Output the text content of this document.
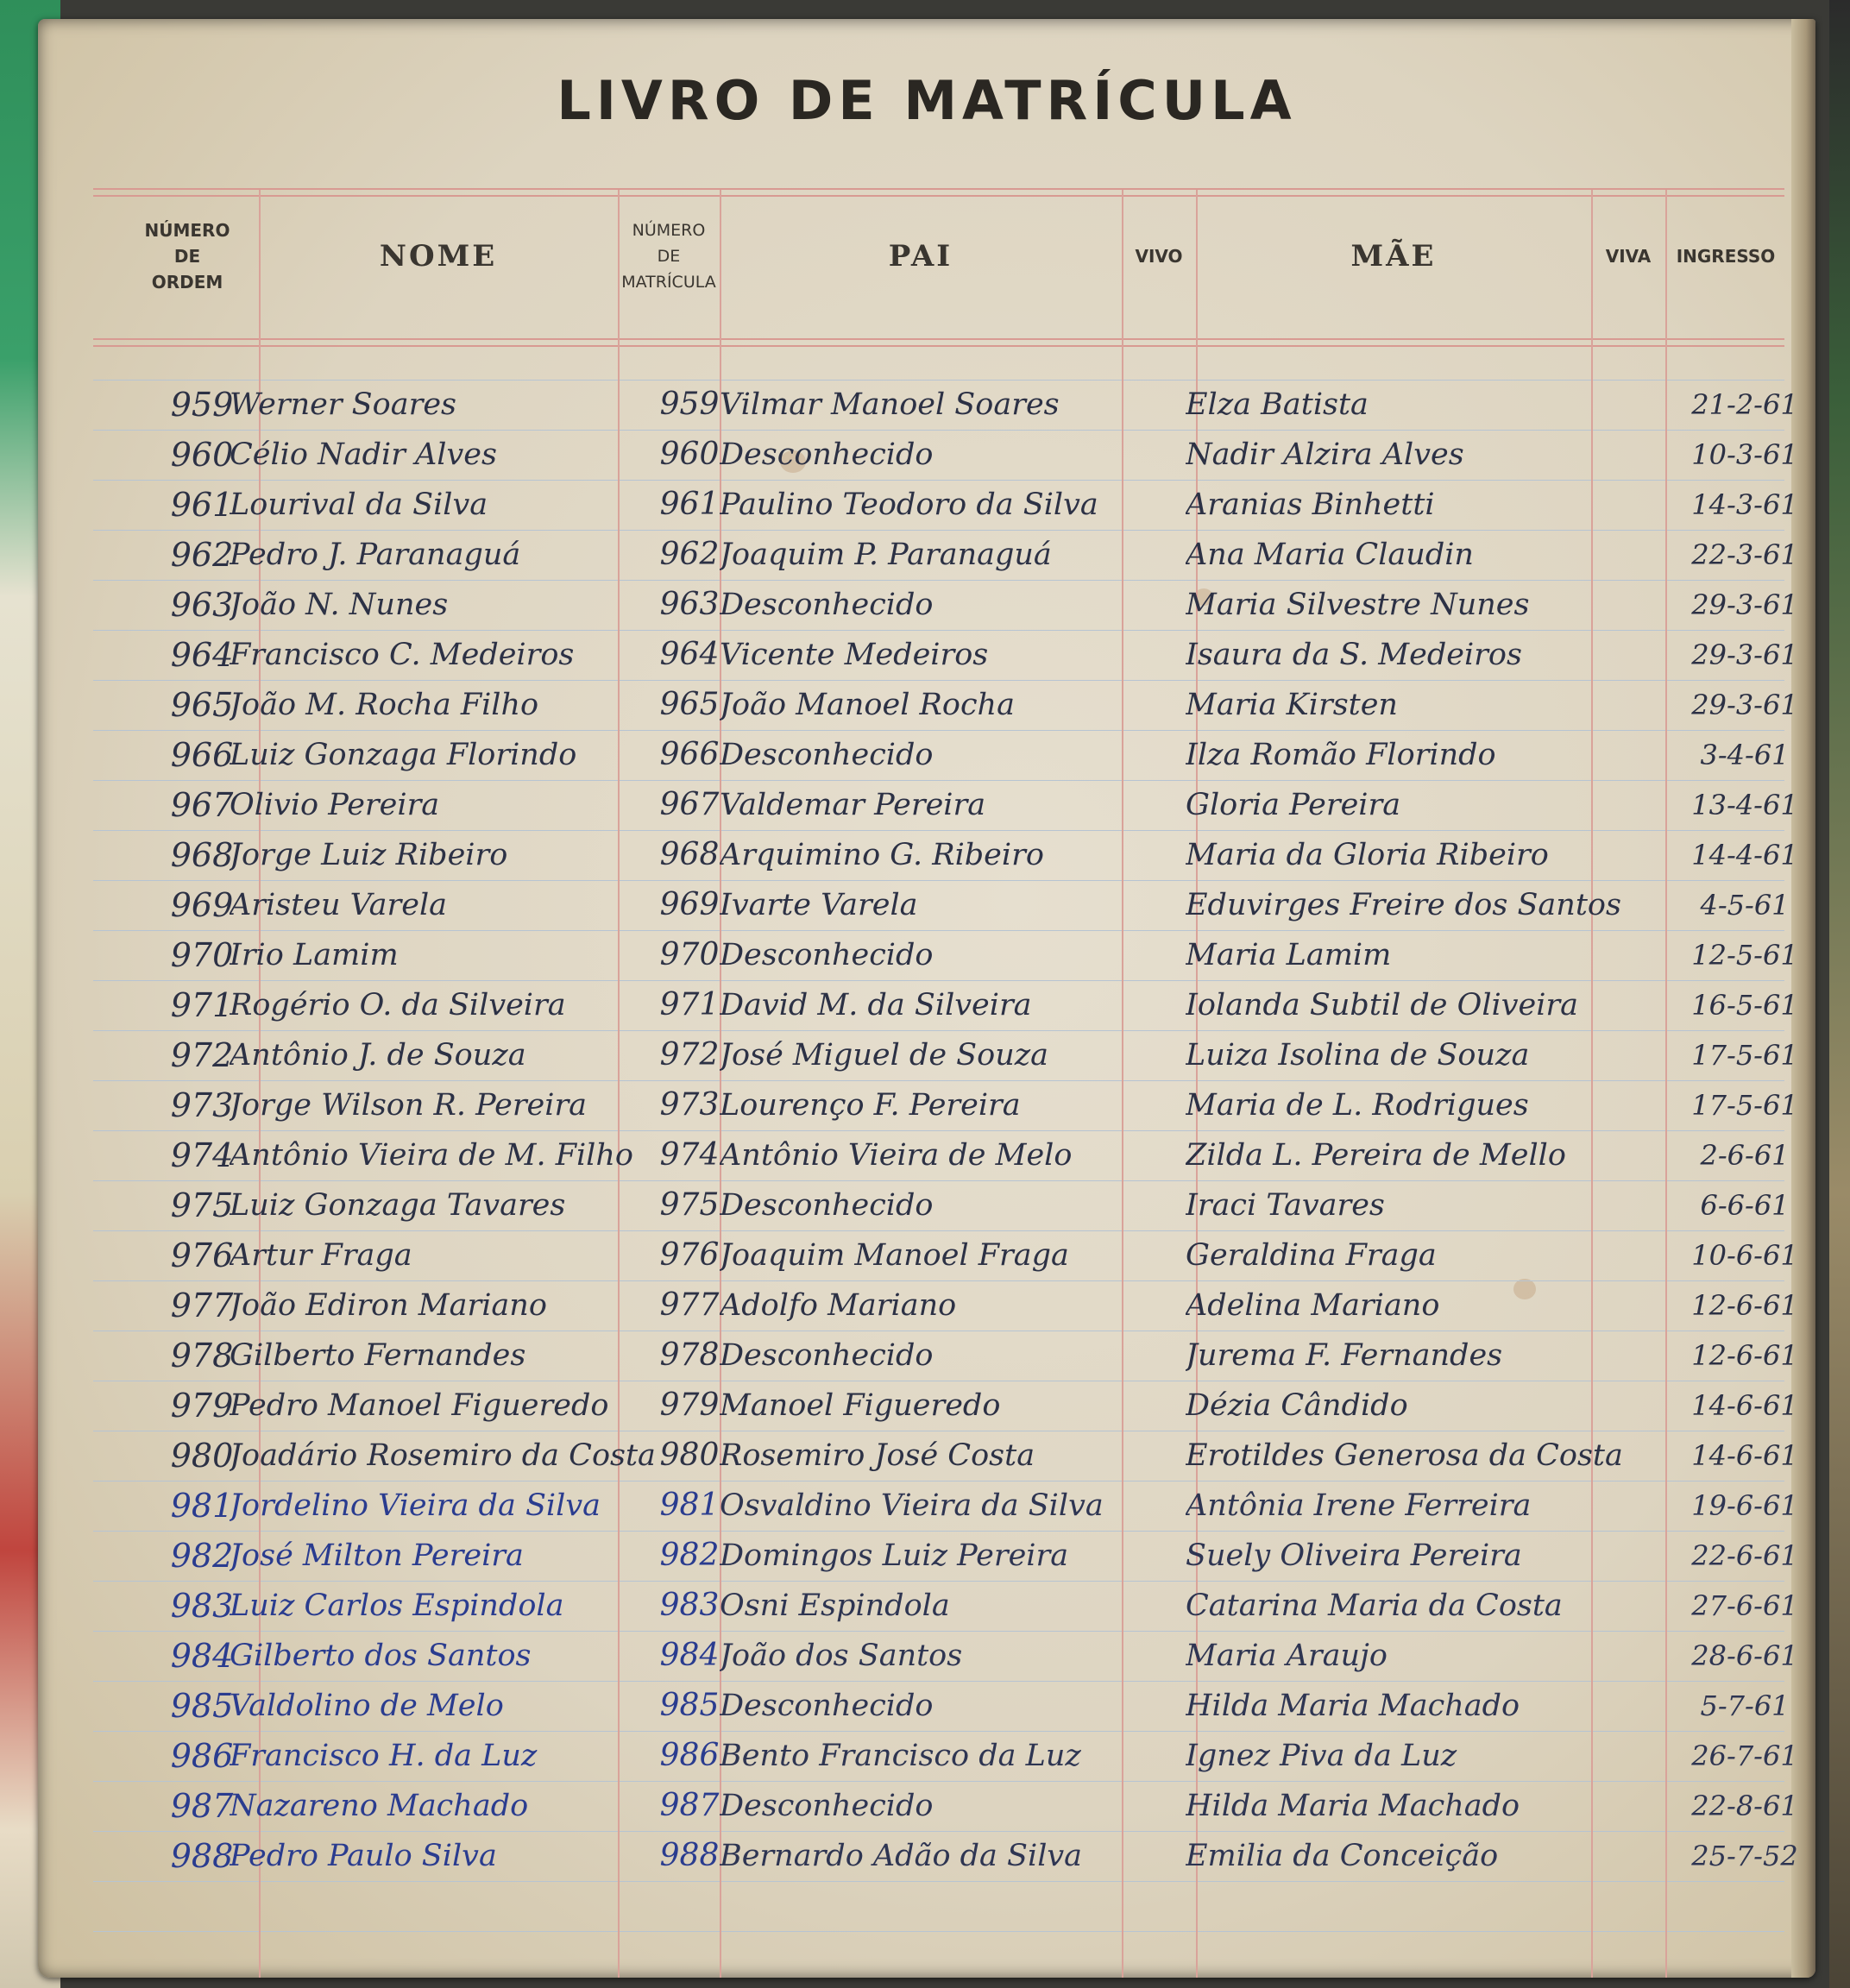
LIVRO DE MATRÍCULA
NÚMERO DE ORDEM
NOME
NÚMERO DE MATRÍCULA
PAI	VIVO	MÃE	VIVA	INGRESSO
959
Werner Soares	959 Vilmar Manoel Soares	Elza Batista	21-2-61
960
Célio Nadir Alves	960 Desconhecido	Nadir Alzira Alves	10-3-61
961
Lourival da Silva	961 Paulino Teodoro da Silva	Aranias Binhetti	14-3-61
962
Pedro J. Paranaguá	962 Joaquim P. Paranaguá	Ana Maria Claudin	22-3-61
963
João N. Nunes	963 Desconhecido	Maria Silvestre Nunes	29-3-61
964
Francisco C. Medeiros	964 Vicente Medeiros	Isaura da S. Medeiros	29-3-61
965
João M. Rocha Filho	965 João Manoel Rocha	Maria Kirsten	29-3-61
966
Luiz Gonzaga Florindo	966 Desconhecido	Ilza Romão Florindo	3-4-61
967
Olivio Pereira	967 Valdemar Pereira	Gloria Pereira	13-4-61
968
Jorge Luiz Ribeiro	968 Arquimino G. Ribeiro	Maria da Gloria Ribeiro	14-4-61
969
Aristeu Varela	969 Ivarte Varela	Eduvirges Freire dos Santos	4-5-61
970
Irio Lamim	970 Desconhecido	Maria Lamim	12-5-61
971
Rogério O. da Silveira	971 David M. da Silveira	Iolanda Subtil de Oliveira	16-5-61
972
Antônio J. de Souza	972 José Miguel de Souza	Luiza Isolina de Souza	17-5-61
973
Jorge Wilson R. Pereira	973 Lourenço F. Pereira	Maria de L. Rodrigues	17-5-61
974
Antônio Vieira de M. Filho 974 Antônio Vieira de Melo	Zilda L. Pereira de Mello	2-6-61
975
Luiz Gonzaga Tavares	975 Desconhecido	Iraci Tavares	6-6-61
976
Artur Fraga	976 Joaquim Manoel Fraga	Geraldina Fraga	10-6-61
977
João Ediron Mariano	977 Adolfo Mariano	Adelina Mariano	12-6-61
978
Gilberto Fernandes	978 Desconhecido	Jurema F. Fernandes	12-6-61
979
Pedro Manoel Figueredo	979 Manoel Figueredo	Dézia Cândido	14-6-61
980
Joadário Rosemiro da Costa 980 Rosemiro José Costa	Erotildes Generosa da Costa	14-6-61
981
Jordelino Vieira da Silva	981 Osvaldino Vieira da Silva	Antônia Irene Ferreira	19-6-61
982
José Milton Pereira	982 Domingos Luiz Pereira	Suely Oliveira Pereira	22-6-61
983
Luiz Carlos Espindola	983 Osni Espindola	Catarina Maria da Costa	27-6-61
984
Gilberto dos Santos	984 João dos Santos	Maria Araujo	28-6-61
985
Valdolino de Melo	985 Desconhecido	Hilda Maria Machado	5-7-61
986
Francisco H. da Luz	986 Bento Francisco da Luz	Ignez Piva da Luz	26-7-61
987
Nazareno Machado	987 Desconhecido	Hilda Maria Machado	22-8-61
988
Pedro Paulo Silva	988 Bernardo Adão da Silva	Emilia da Conceição	25-7-52
